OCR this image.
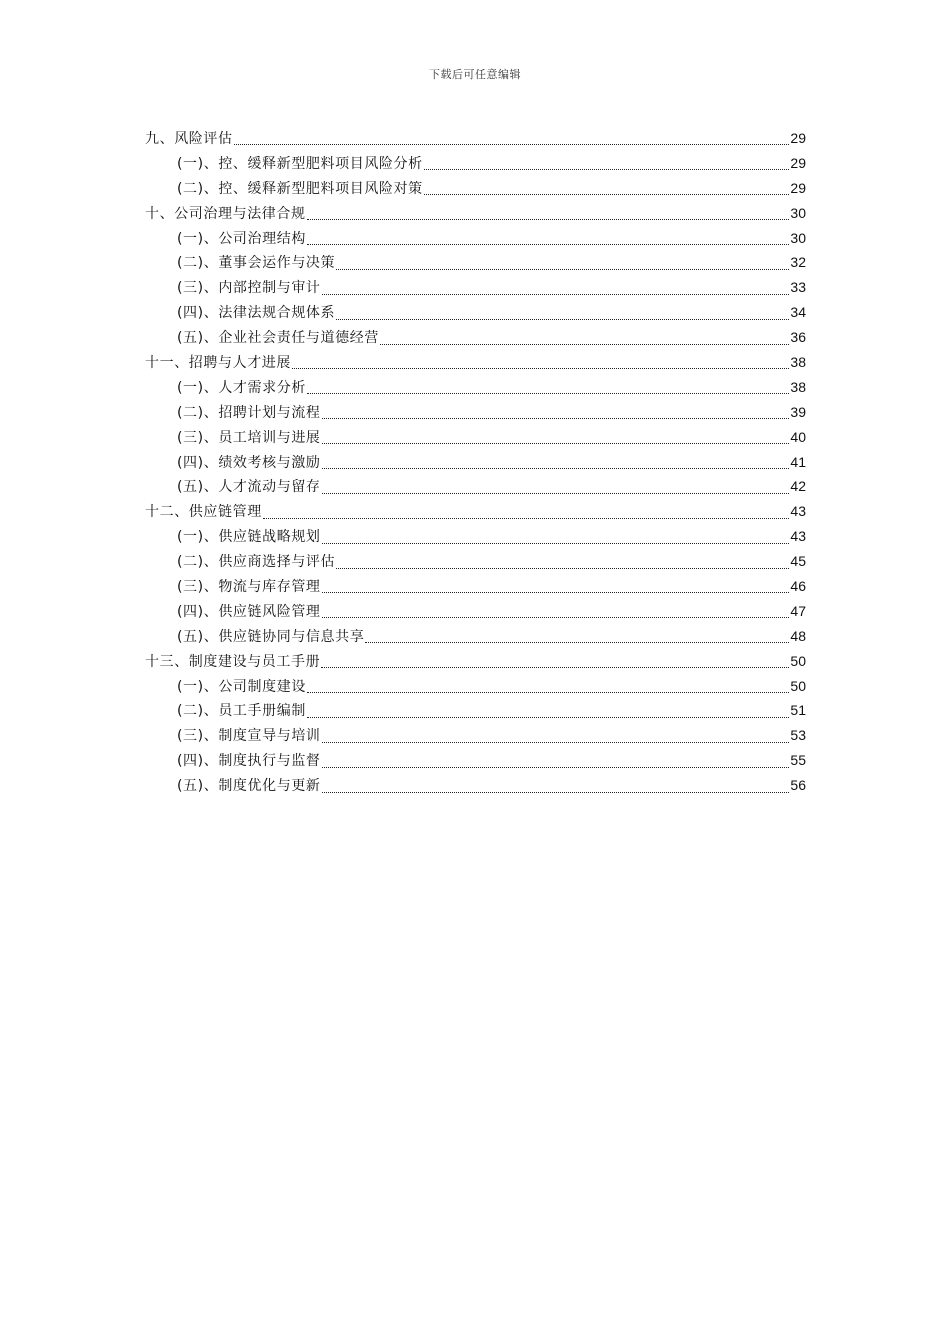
下载后可任意编辑
九、风险评估	29
(一)、控、缓释新型肥料项目风险分析	29
(二)、控、缓释新型肥料项目风险对策	29
十、公司治理与法律合规	30
(一)、公司治理结构	30
(二)、董事会运作与决策	32
(三)、内部控制与审计	33
(四)、法律法规合规体系	34
(五)、企业社会责任与道德经营	36
十一、招聘与人才进展	38
(一)、人才需求分析	38
(二)、招聘计划与流程	39
(三)、员工培训与进展	40
(四)、绩效考核与激励	41
(五)、人才流动与留存	42
十二、供应链管理	43
(一)、供应链战略规划	43
(二)、供应商选择与评估	45
(三)、物流与库存管理	46
(四)、供应链风险管理	47
(五)、供应链协同与信息共享	48
十三、制度建设与员工手册	50
(一)、公司制度建设	50
(二)、员工手册编制	51
(三)、制度宣导与培训	53
(四)、制度执行与监督	55
(五)、制度优化与更新	56
